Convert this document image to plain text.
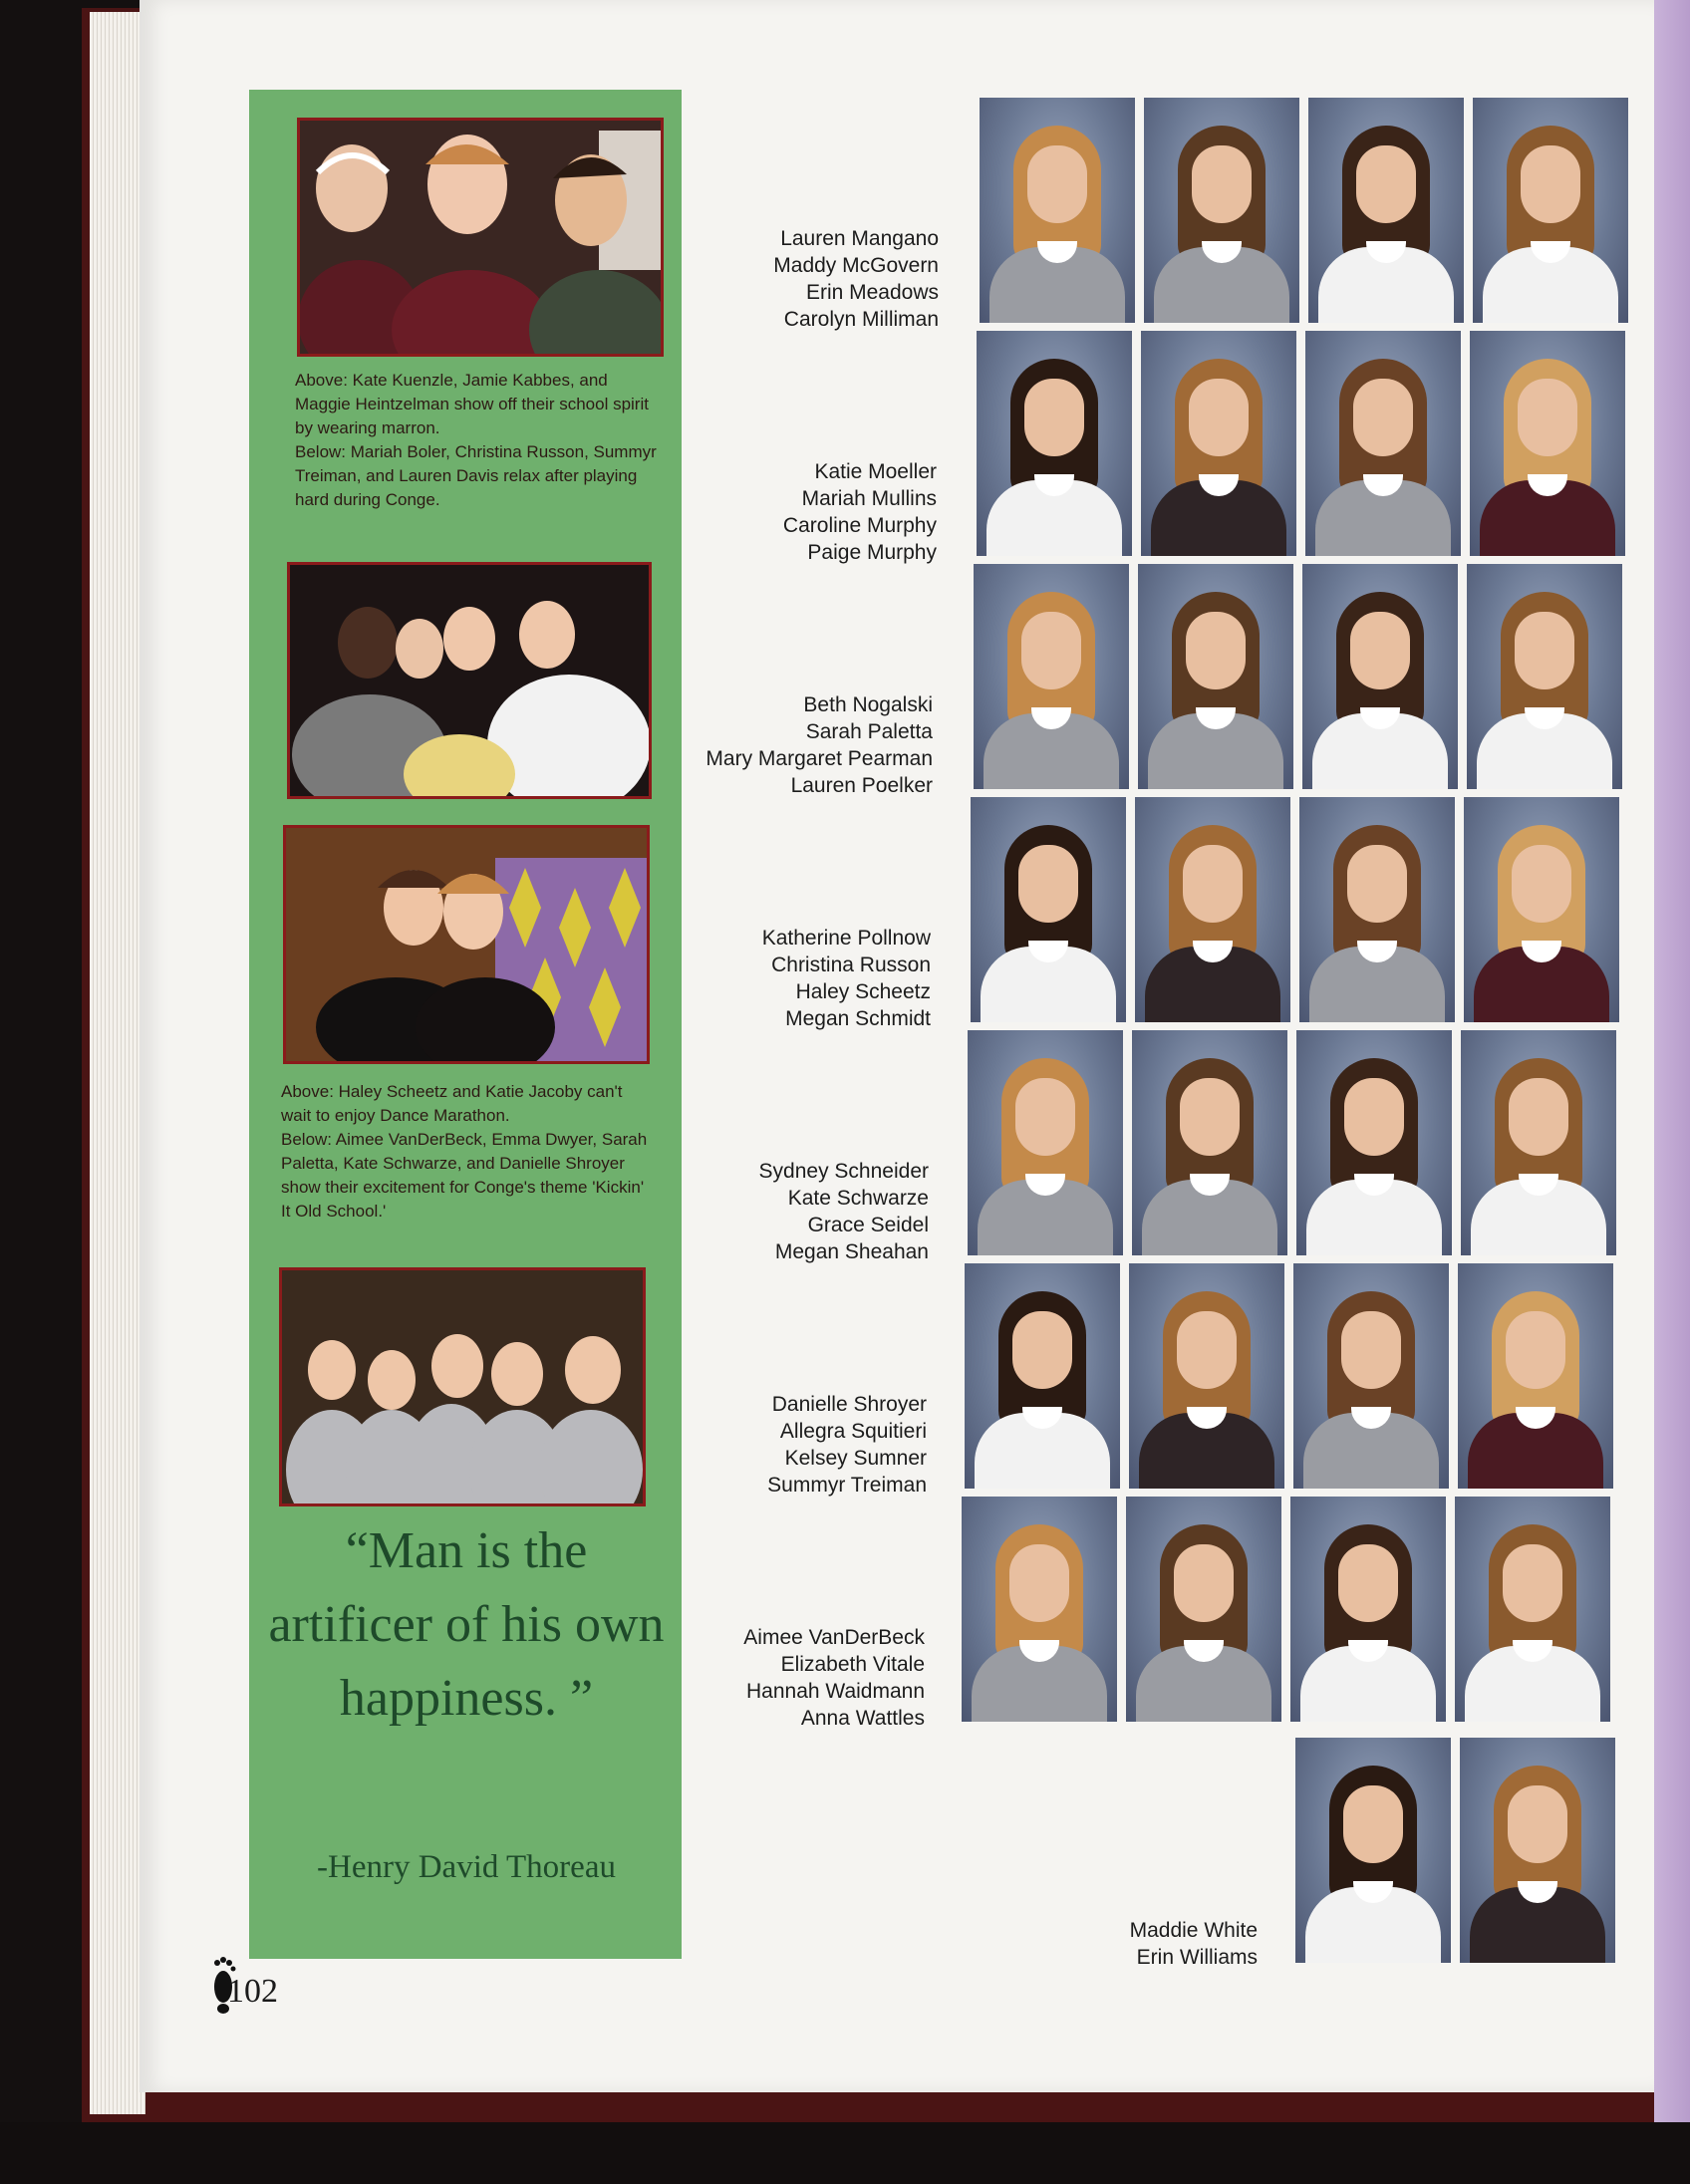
Above: Kate Kuenzle, Jamie Kabbes, and Maggie Heintzelman show off their school spirit by wearing marron.

Below: Mariah Boler, Christina Russon, Summyr Treiman, and Lauren Davis relax after playing hard during Conge.

Above: Haley Scheetz and Katie Jacoby can't wait to enjoy Dance Marathon.

Below: Aimee VanDerBeck, Emma Dwyer, Sarah Paletta, Kate Schwarze, and Danielle Shroyer show their excitement for Conge's theme 'Kickin' It Old School.'

“Man is the artificer of his own happiness. ”
-Henry David Thoreau
102
Lauren Mangano
Maddy McGovern
Erin Meadows
Carolyn Milliman
Katie Moeller
Mariah Mullins
Caroline Murphy
Paige Murphy
Beth Nogalski
Sarah Paletta
Mary Margaret Pearman
Lauren Poelker
Katherine Pollnow
Christina Russon
Haley Scheetz
Megan Schmidt
Sydney Schneider
Kate Schwarze
Grace Seidel
Megan Sheahan
Danielle Shroyer
Allegra Squitieri
Kelsey Sumner
Summyr Treiman
Aimee VanDerBeck
Elizabeth Vitale
Hannah Waidmann
Anna Wattles
Maddie White
Erin Williams
